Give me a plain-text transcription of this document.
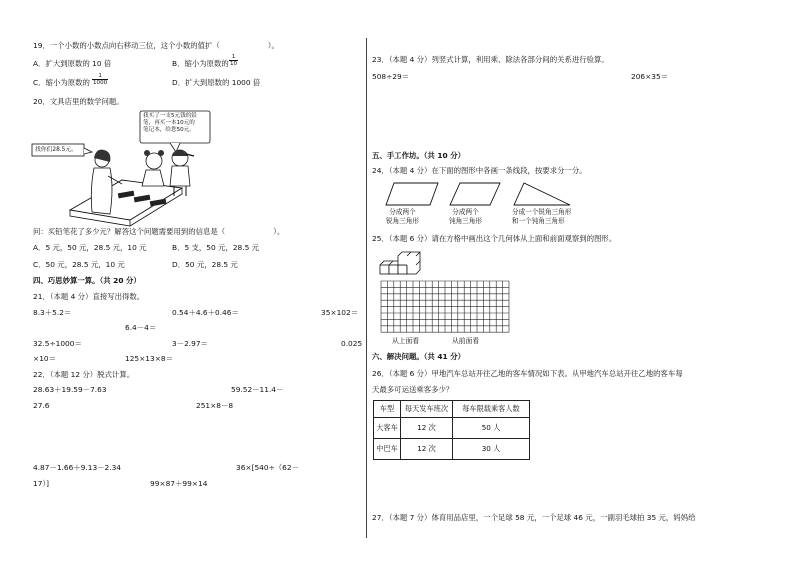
19．一个小数的小数点向右移动三位，这个小数的值扩（	）。
A．扩大到原数的 10 倍	B．缩小为原数的 $\frac{1}{10}$
C．缩小为原数的 $\frac{1}{1000}$	D．扩大到原数的 1000 倍
20．文具店里的数学问题。
我买了一支5元钱的铅
笔，再买一本10元的
笔记本，给您50元。
找你们28.5元。
问：买铅笔花了多少元？解答这个问题需要用到的信息是（	）。
A．5 元，50 元，28.5 元，10 元	B．5 支，50 元，28.5 元
C．50 元，28.5 元，10 元	D．50 元，28.5 元
四、巧思妙算一算。（共 20 分）
21．（本题 4 分）直接写出得数。
8.3＋5.2＝	0.54＋4.6＋0.46＝	35×102＝
6.4－4＝
32.5÷1000＝	3－2.97＝	0.025
×10＝	125×13×8＝
22．（本题 12 分）脱式计算。
28.63＋19.59－7.63	59.52－11.4－
27.6	251×8－8
4.87－1.66＋9.13－2.34	36×[540÷（62－
17）]	99×87＋99×14
23．（本题 4 分）列竖式计算，利用乘、除法各部分间的关系进行验算。
508÷29＝	206×35＝
五、手工作坊。（共 10 分）
24．（本题 4 分）在下面的图形中各画一条线段，按要求分一分。
分成两个
锐角三角形
分成两个
钝角三角形
分成一个锐角三角形
和一个钝角三角形
25．（本题 6 分）请在方格中画出这个几何体从上面和前面观察到的图形。
从上面看	从前面看
六、解决问题。（共 41 分）
26．（本题 6 分）甲地汽车总站开往乙地的客车情况如下表。从甲地汽车总站开往乙地的客车每
天最多可运送乘客多少？
车型	每天发车班次	每车限载乘客人数
大客车	12 次	50 人
中巴车	12 次	30 人
27．（本题 7 分）体育用品店里，一个足球 58 元，一个足球 46 元，一副羽毛球拍 35 元，妈妈给
